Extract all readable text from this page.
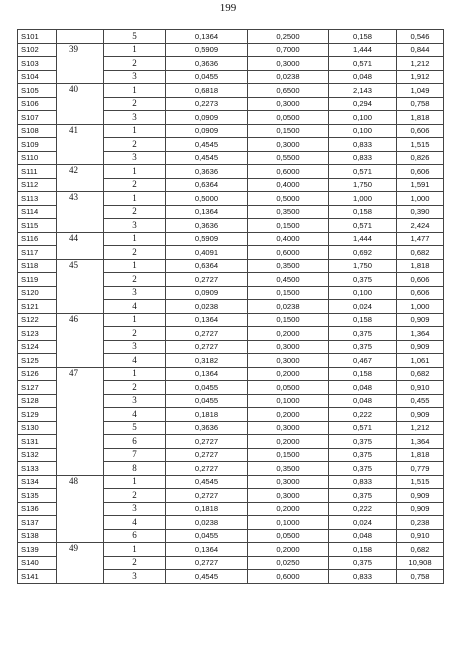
199
S101		5	0,1364	0,2500	0,158	0,546
S102	39	1	0,5909	0,7000	1,444	0,844
S103		2	0,3636	0,3000	0,571	1,212
S104		3	0,0455	0,0238	0,048	1,912
S105	40	1	0,6818	0,6500	2,143	1,049
S106		2	0,2273	0,3000	0,294	0,758
S107		3	0,0909	0,0500	0,100	1,818
S108	41	1	0,0909	0,1500	0,100	0,606
S109		2	0,4545	0,3000	0,833	1,515
S110		3	0,4545	0,5500	0,833	0,826
S111	42	1	0,3636	0,6000	0,571	0,606
S112		2	0,6364	0,4000	1,750	1,591
S113	43	1	0,5000	0,5000	1,000	1,000
S114		2	0,1364	0,3500	0,158	0,390
S115		3	0,3636	0,1500	0,571	2,424
S116	44	1	0,5909	0,4000	1,444	1,477
S117		2	0,4091	0,6000	0,692	0,682
S118	45	1	0,6364	0,3500	1,750	1,818
S119		2	0,2727	0,4500	0,375	0,606
S120		3	0,0909	0,1500	0,100	0,606
S121		4	0,0238	0,0238	0,024	1,000
S122	46	1	0,1364	0,1500	0,158	0,909
S123		2	0,2727	0,2000	0,375	1,364
S124		3	0,2727	0,3000	0,375	0,909
S125		4	0,3182	0,3000	0,467	1,061
S126	47	1	0,1364	0,2000	0,158	0,682
S127		2	0,0455	0,0500	0,048	0,910
S128		3	0,0455	0,1000	0,048	0,455
S129		4	0,1818	0,2000	0,222	0,909
S130		5	0,3636	0,3000	0,571	1,212
S131		6	0,2727	0,2000	0,375	1,364
S132		7	0,2727	0,1500	0,375	1,818
S133		8	0,2727	0,3500	0,375	0,779
S134	48	1	0,4545	0,3000	0,833	1,515
S135		2	0,2727	0,3000	0,375	0,909
S136		3	0,1818	0,2000	0,222	0,909
S137		4	0,0238	0,1000	0,024	0,238
S138		6	0,0455	0,0500	0,048	0,910
S139	49	1	0,1364	0,2000	0,158	0,682
S140		2	0,2727	0,0250	0,375	10,908
S141		3	0,4545	0,6000	0,833	0,758
